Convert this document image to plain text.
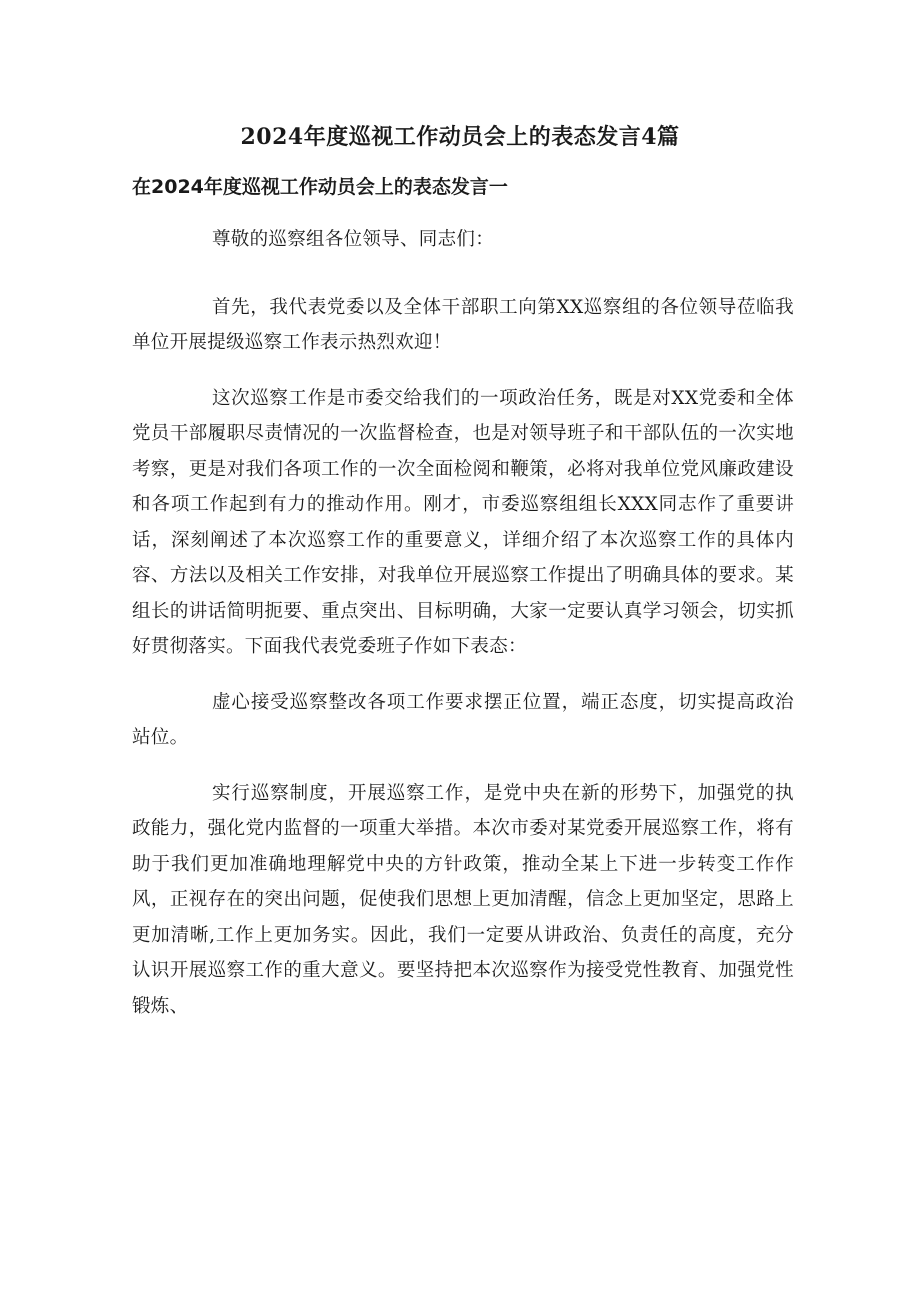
2024年度巡视工作动员会上的表态发言4篇
在2024年度巡视工作动员会上的表态发言一

尊敬的巡察组各位领导、同志们：

首先，我代表党委以及全体干部职工向第XX巡察组的各位领导莅临我单位开展提级巡察工作表示热烈欢迎！

这次巡察工作是市委交给我们的一项政治任务，既是对XX党委和全体党员干部履职尽责情况的一次监督检查，也是对领导班子和干部队伍的一次实地考察，更是对我们各项工作的一次全面检阅和鞭策，必将对我单位党风廉政建设和各项工作起到有力的推动作用。刚才，市委巡察组组长XXX同志作了重要讲话，深刻阐述了本次巡察工作的重要意义，详细介绍了本次巡察工作的具体内容、方法以及相关工作安排，对我单位开展巡察工作提出了明确具体的要求。某组长的讲话简明扼要、重点突出、目标明确，大家一定要认真学习领会，切实抓好贯彻落实。下面我代表党委班子作如下表态：

虚心接受巡察整改各项工作要求摆正位置，端正态度，切实提高政治站位。

实行巡察制度，开展巡察工作，是党中央在新的形势下，加强党的执政能力，强化党内监督的一项重大举措。本次市委对某党委开展巡察工作，将有助于我们更加准确地理解党中央的方针政策，推动全某上下进一步转变工作作风，正视存在的突出问题，促使我们思想上更加清醒，信念上更加坚定，思路上更加清晰,工作上更加务实。因此，我们一定要从讲政治、负责任的高度，充分认识开展巡察工作的重大意义。要坚持把本次巡察作为接受党性教育、加强党性锻炼、
